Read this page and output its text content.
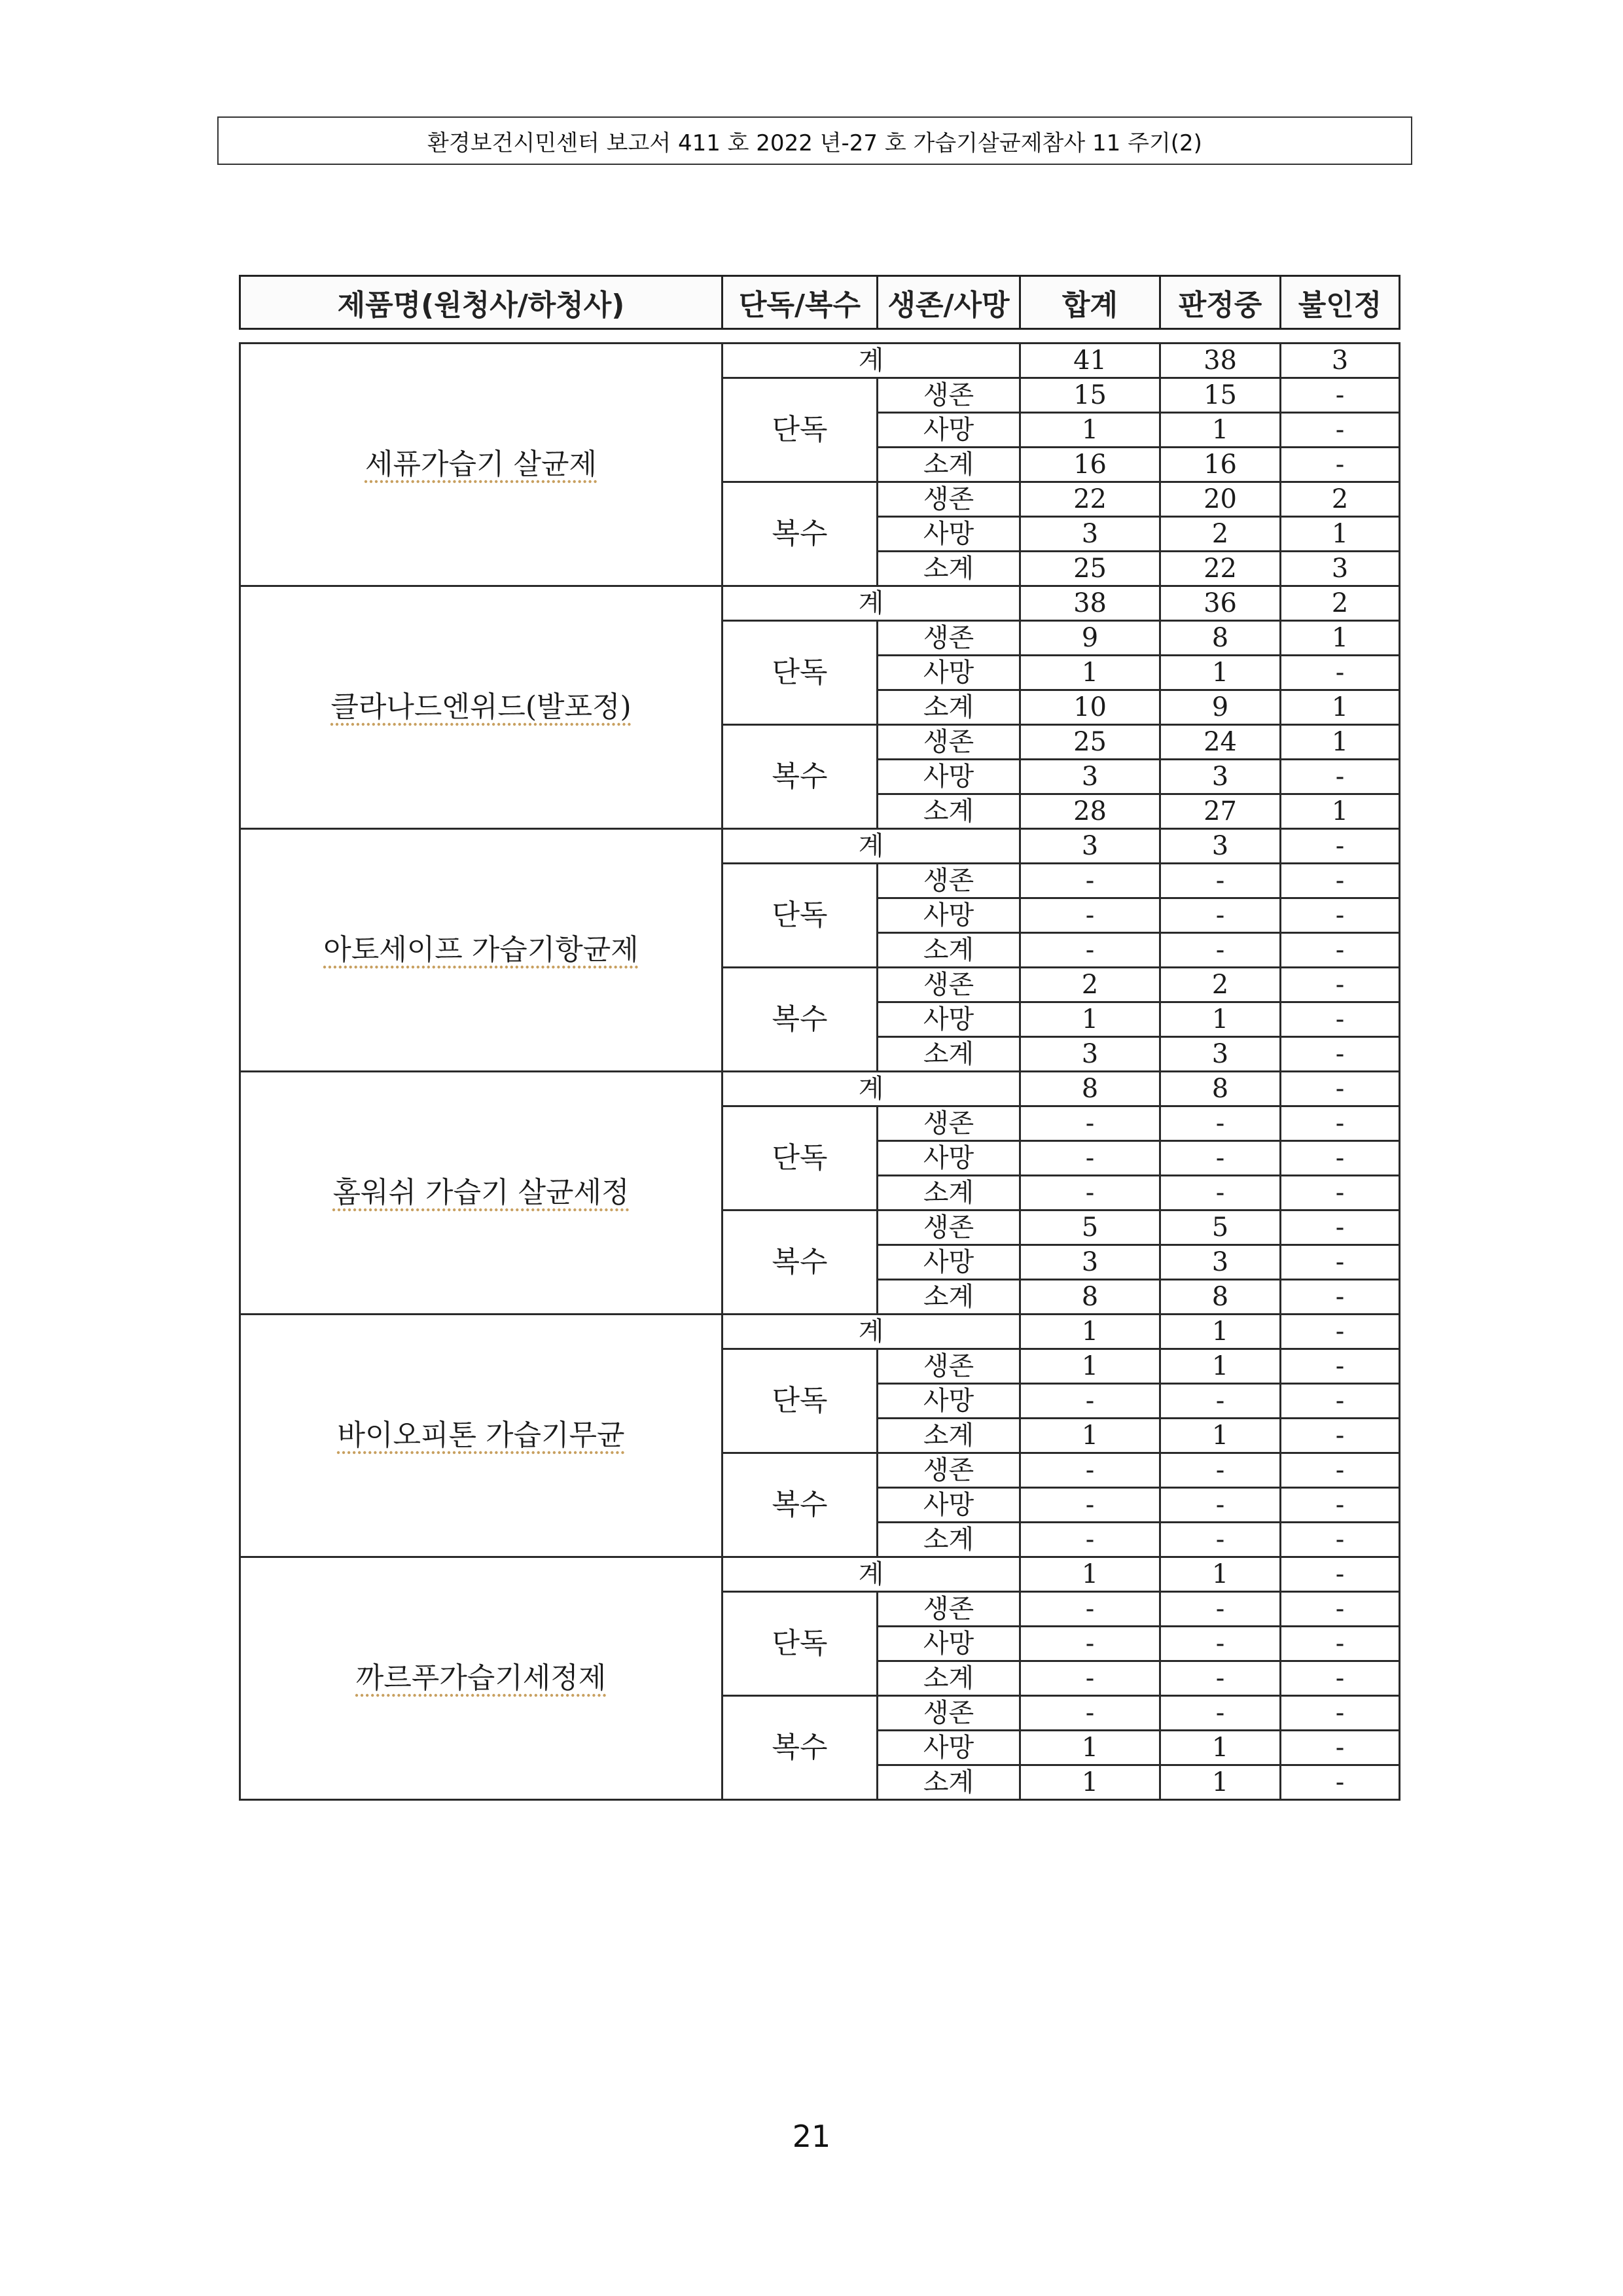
환경보건시민센터 보고서 411 호 2022 년-27 호 가습기살균제참사 11 주기(2)
제품명(원청사/하청사)	단독/복수	생존/사망	합계	판정중	불인정
세퓨가습기 살균제	계		41	38	3
	단독	생존	15	15	-
		사망	1	1	-
		소계	16	16	-
	복수	생존	22	20	2
		사망	3	2	1
		소계	25	22	3
클라나드엔위드(발포정)	계		38	36	2
	단독	생존	9	8	1
		사망	1	1	-
		소계	10	9	1
	복수	생존	25	24	1
		사망	3	3	-
		소계	28	27	1
아토세이프 가습기항균제	계		3	3	-
	단독	생존	-	-	-
		사망	-	-	-
		소계	-	-	-
	복수	생존	2	2	-
		사망	1	1	-
		소계	3	3	-
홈워쉬 가습기 살균세정	계		8	8	-
	단독	생존	-	-	-
		사망	-	-	-
		소계	-	-	-
	복수	생존	5	5	-
		사망	3	3	-
		소계	8	8	-
바이오피톤 가습기무균	계		1	1	-
	단독	생존	1	1	-
		사망	-	-	-
		소계	1	1	-
	복수	생존	-	-	-
		사망	-	-	-
		소계	-	-	-
까르푸가습기세정제	계		1	1	-
	단독	생존	-	-	-
		사망	-	-	-
		소계	-	-	-
	복수	생존	-	-	-
		사망	1	1	-
		소계	1	1	-
21
